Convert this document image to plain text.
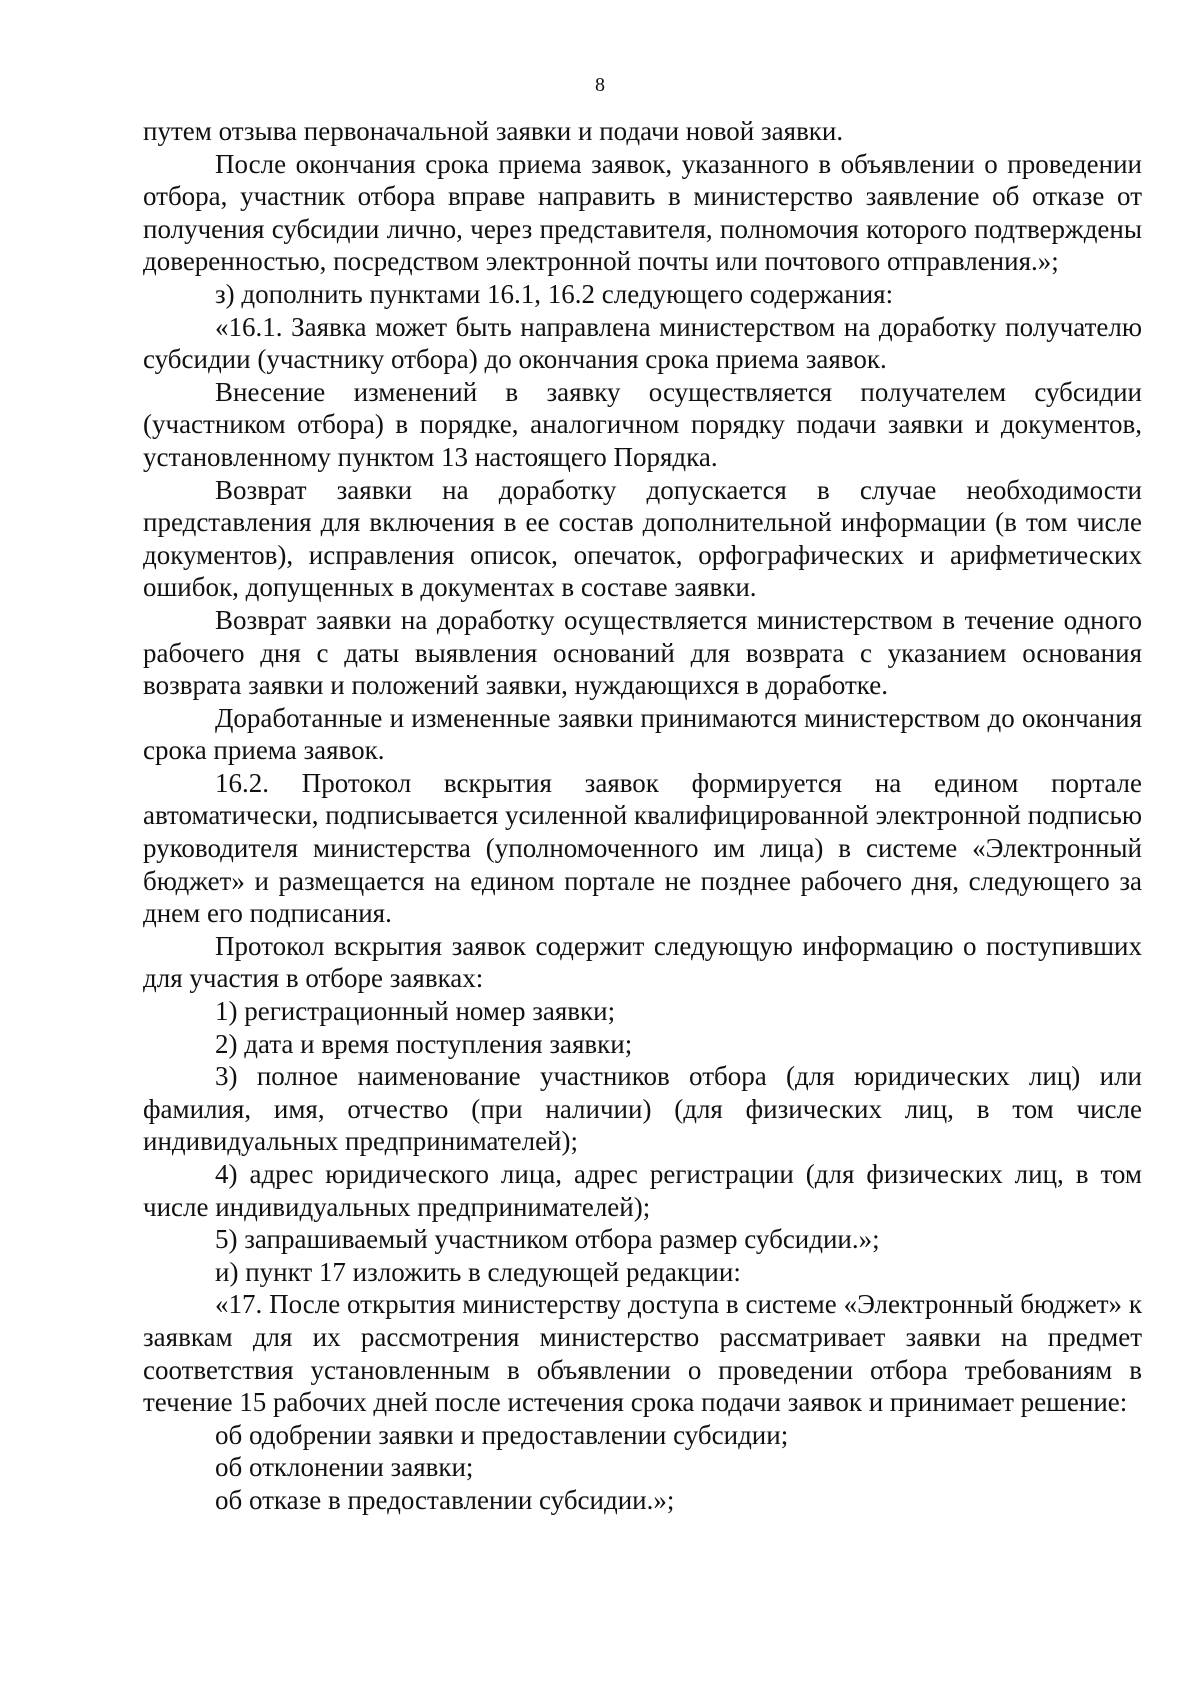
8

путем отзыва первоначальной заявки и подачи новой заявки.

После окончания срока приема заявок, указанного в объявлении о проведении отбора, участник отбора вправе направить в министерство заявление об отказе от получения субсидии лично, через представителя, полномочия которого подтверждены доверенностью, посредством электронной почты или почтового отправления.»;

з) дополнить пунктами 16.1, 16.2 следующего содержания:

«16.1. Заявка может быть направлена министерством на доработку получателю субсидии (участнику отбора) до окончания срока приема заявок.

Внесение изменений в заявку осуществляется получателем субсидии (участником отбора) в порядке, аналогичном порядку подачи заявки и документов, установленному пунктом 13 настоящего Порядка.

Возврат заявки на доработку допускается в случае необходимости представления для включения в ее состав дополнительной информации (в том числе документов), исправления описок, опечаток, орфографических и арифметических ошибок, допущенных в документах в составе заявки.

Возврат заявки на доработку осуществляется министерством в течение одного рабочего дня с даты выявления оснований для возврата с указанием основания возврата заявки и положений заявки, нуждающихся в доработке.

Доработанные и измененные заявки принимаются министерством до окончания срока приема заявок.

16.2. Протокол вскрытия заявок формируется на едином портале автоматически, подписывается усиленной квалифицированной электронной подписью руководителя министерства (уполномоченного им лица) в системе «Электронный бюджет» и размещается на едином портале не позднее рабочего дня, следующего за днем его подписания.

Протокол вскрытия заявок содержит следующую информацию о поступивших для участия в отборе заявках:

1) регистрационный номер заявки;

2) дата и время поступления заявки;

3) полное наименование участников отбора (для юридических лиц) или фамилия, имя, отчество (при наличии) (для физических лиц, в том числе индивидуальных предпринимателей);

4) адрес юридического лица, адрес регистрации (для физических лиц, в том числе индивидуальных предпринимателей);

5) запрашиваемый участником отбора размер субсидии.»;

и) пункт 17 изложить в следующей редакции:

«17. После открытия министерству доступа в системе «Электронный бюджет» к заявкам для их рассмотрения министерство рассматривает заявки на предмет соответствия установленным в объявлении о проведении отбора требованиям в течение 15 рабочих дней после истечения срока подачи заявок и принимает решение:

об одобрении заявки и предоставлении субсидии;

об отклонении заявки;

об отказе в предоставлении субсидии.»;
